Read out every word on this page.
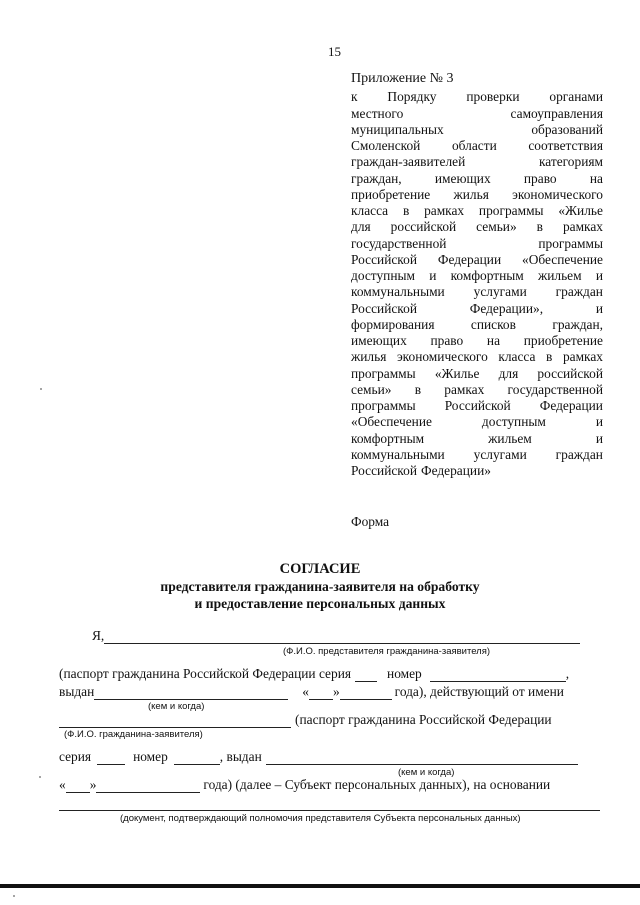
15
Приложение № 3
к Порядку проверки органами
местного	самоуправления
муниципальных	образований
Смоленской области соответствия
граждан-заявителей	категориям
граждан, имеющих право на
приобретение жилья экономического
класса в рамках программы «Жилье
для российской семьи» в рамках
государственной	программы
Российской Федерации «Обеспечение
доступным и комфортным жильем и
коммунальными услугами граждан
Российской	Федерации»,	и
формирования	списков	граждан,
имеющих право на приобретение
жилья экономического класса в рамках
программы «Жилье для российской
семьи» в рамках государственной
программы Российской Федерации
«Обеспечение	доступным	и
комфортным	жильем	и
коммунальными услугами граждан
Российской Федерации»
Форма
СОГЛАСИЕ
представителя гражданина-заявителя на обработку
и предоставление персональных данных
Я,
(Ф.И.О. представителя гражданина-заявителя)
(паспорт гражданина Российской Федерации серия	номер	,
выдан	« »	года), действующий от имени
(кем и когда)
(паспорт гражданина Российской Федерации
(Ф.И.О. гражданина-заявителя)
серия	номер	, выдан
(кем и когда)
« »	года) (далее – Субъект персональных данных), на основании
(документ, подтверждающий полномочия представителя Субъекта персональных данных)
